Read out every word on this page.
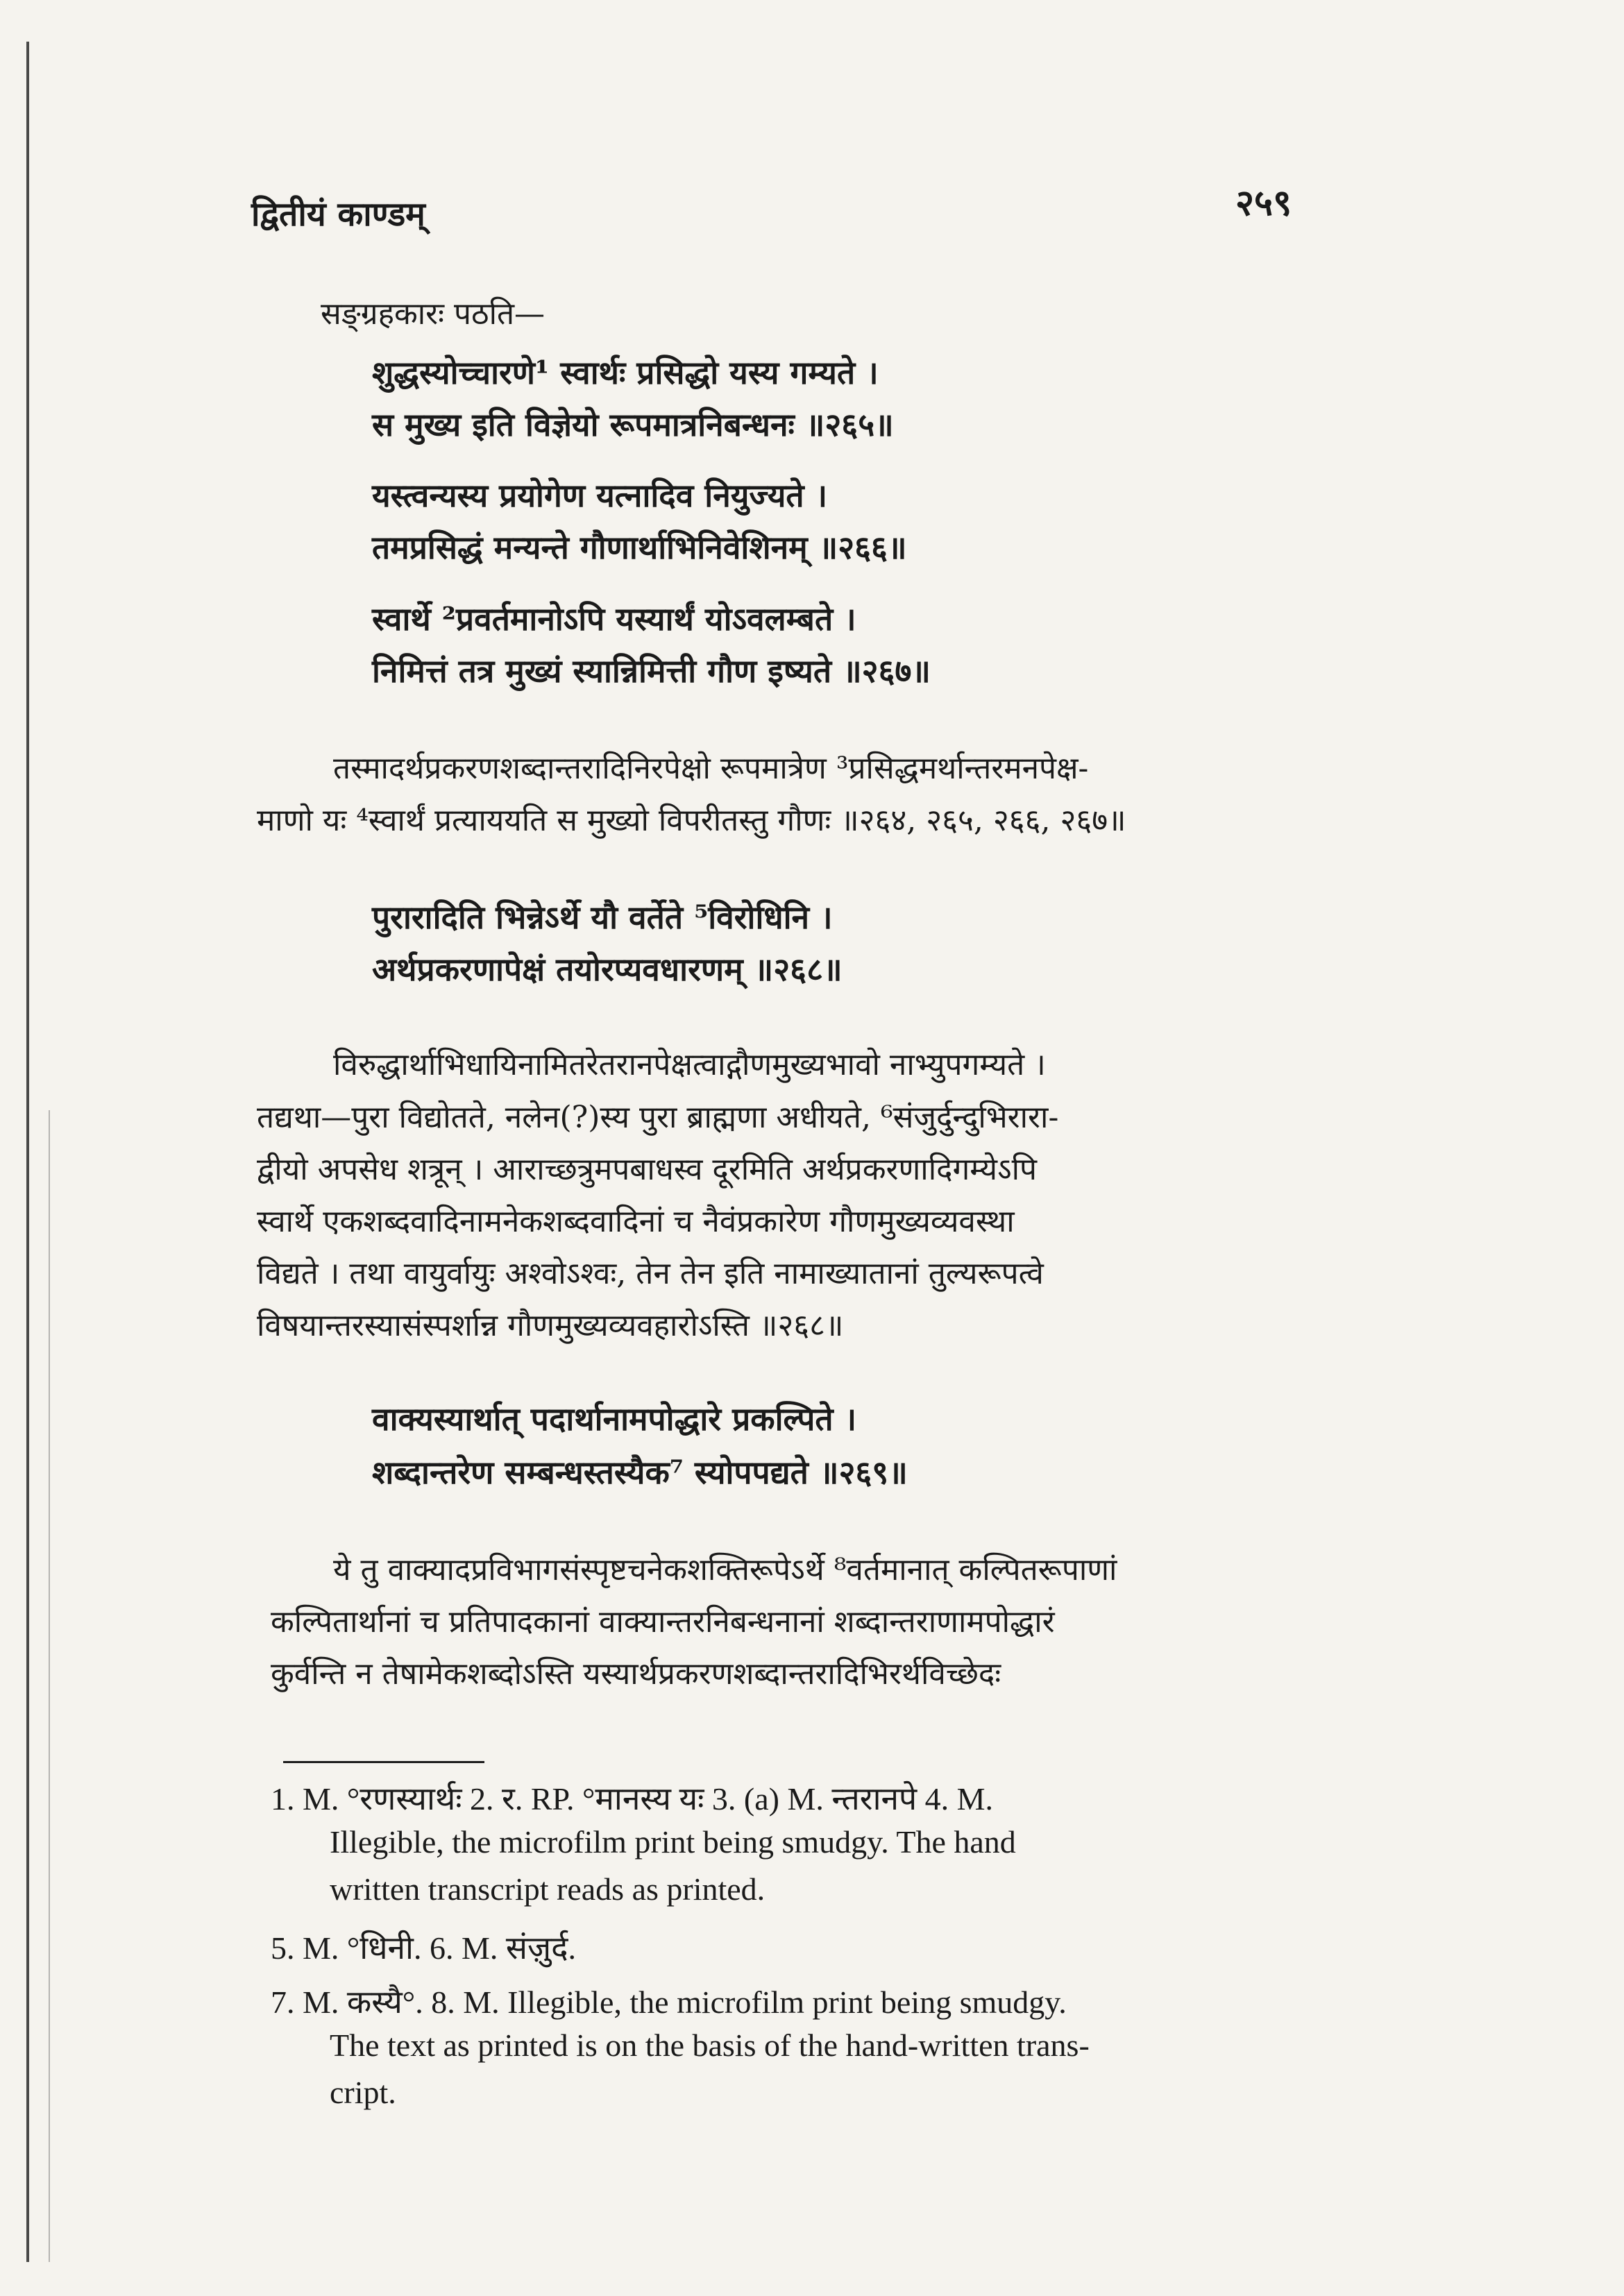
द्वितीयं काण्डम्	२५९
सङ्ग्रहकारः पठति—
शुद्धस्योच्चारणे¹ स्वार्थः प्रसिद्धो यस्य गम्यते ।
स मुख्य इति विज्ञेयो रूपमात्रनिबन्धनः ॥२६५॥
यस्त्वन्यस्य प्रयोगेण यत्नादिव नियुज्यते ।
तमप्रसिद्धं मन्यन्ते गौणार्थाभिनिवेशिनम् ॥२६६॥
स्वार्थे ²प्रवर्तमानोऽपि यस्यार्थं योऽवलम्बते ।
निमित्तं तत्र मुख्यं स्यान्निमित्ती गौण इष्यते ॥२६७॥
तस्मादर्थप्रकरणशब्दान्तरादिनिरपेक्षो रूपमात्रेण ³प्रसिद्धमर्थान्तरमनपेक्ष-
माणो यः ⁴स्वार्थं प्रत्याययति स मुख्यो विपरीतस्तु गौणः ॥२६४, २६५, २६६, २६७॥
पुरारादिति भिन्नेऽर्थे यौ वर्तेते ⁵विरोधिनि ।
अर्थप्रकरणापेक्षं तयोरप्यवधारणम् ॥२६८॥
विरुद्धार्थाभिधायिनामितरेतरानपेक्षत्वाद्गौणमुख्यभावो नाभ्युपगम्यते ।
तद्यथा—पुरा विद्योतते, नलेन(?)स्य पुरा ब्राह्मणा अधीयते, ⁶संजुर्दुन्दुभिरारा-
द्वीयो अपसेध शत्रून् । आराच्छत्रुमपबाधस्व दूरमिति अर्थप्रकरणादिगम्येऽपि
स्वार्थे एकशब्दवादिनामनेकशब्दवादिनां च नैवंप्रकारेण गौणमुख्यव्यवस्था
विद्यते । तथा वायुर्वायुः अश्वोऽश्वः, तेन तेन इति नामाख्यातानां तुल्यरूपत्वे
विषयान्तरस्यासंस्पर्शान्न गौणमुख्यव्यवहारोऽस्ति ॥२६८॥
वाक्यस्यार्थात् पदार्थानामपोद्धारे प्रकल्पिते ।
शब्दान्तरेण सम्बन्धस्तस्यैक⁷ स्योपपद्यते ॥२६९॥
ये तु वाक्यादप्रविभागसंस्पृष्टचनेकशक्तिरूपेऽर्थे ⁸वर्तमानात् कल्पितरूपाणां
कल्पितार्थानां च प्रतिपादकानां वाक्यान्तरनिबन्धनानां शब्दान्तराणामपोद्धारं
कुर्वन्ति न तेषामेकशब्दोऽस्ति यस्यार्थप्रकरणशब्दान्तरादिभिरर्थविच्छेदः
1. M. °रणस्यार्थः 2. र. RP. °मानस्य यः 3. (a) M. न्तरानपे 4. M.
Illegible, the microfilm print being smudgy. The hand
written transcript reads as printed.
5. M. °धिनी. 6. M. संज़ुर्द.
7. M. कस्यै°. 8. M. Illegible, the microfilm print being smudgy.
The text as printed is on the basis of the hand-written trans-
cript.
